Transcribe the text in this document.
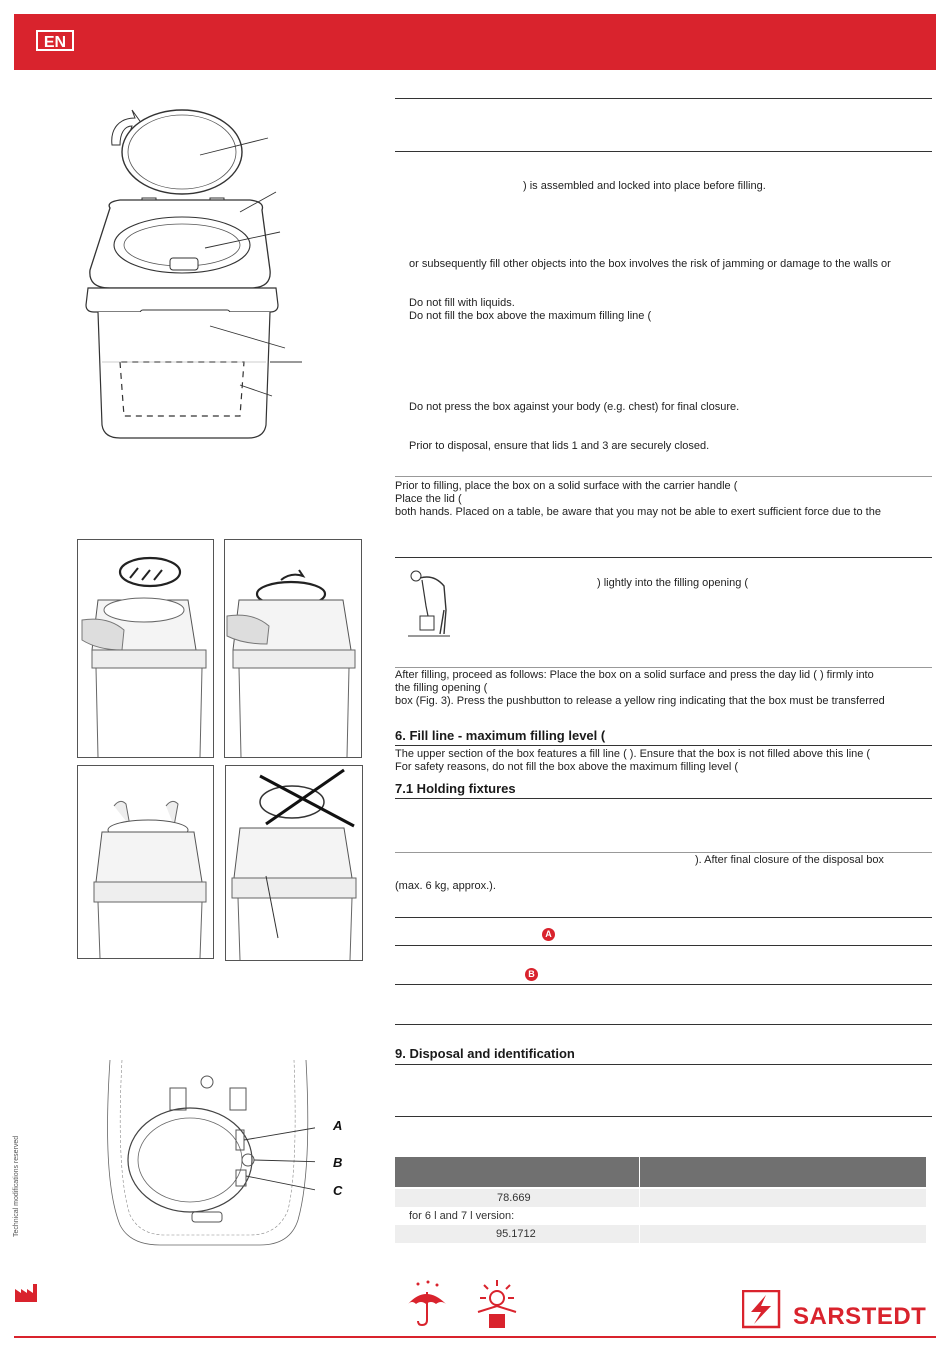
EN
) is assembled and locked into place before filling.
or subsequently fill other objects into the box involves the risk of jamming or damage to the walls or
Do not fill with liquids.
Do not fill the box above the maximum filling line (
Do not press the box against your body (e.g. chest) for final closure.
Prior to disposal, ensure that lids 1 and 3 are securely closed.
Prior to filling, place the box on a solid surface with the carrier handle (
Place the lid (
both hands. Placed on a table, be aware that you may not be able to exert sufficient force due to the
) lightly into the filling opening (
After filling, proceed as follows: Place the box on a solid surface and press the day lid ( ) firmly into
the filling opening (
box (Fig. 3). Press the pushbutton to release a yellow ring indicating that the box must be transferred
6. Fill line - maximum filling level (
The upper section of the box features a fill line ( ). Ensure that the box is not filled above this line (
For safety reasons, do not fill the box above the maximum filling level (
7.1 Holding fixtures
). After final closure of the disposal box
(max. 6 kg, approx.).
A
B
9. Disposal and identification
78.669
for 6 l and 7 l version:
95.1712
A
B
C
Technical modifications reserved
SARSTEDT
